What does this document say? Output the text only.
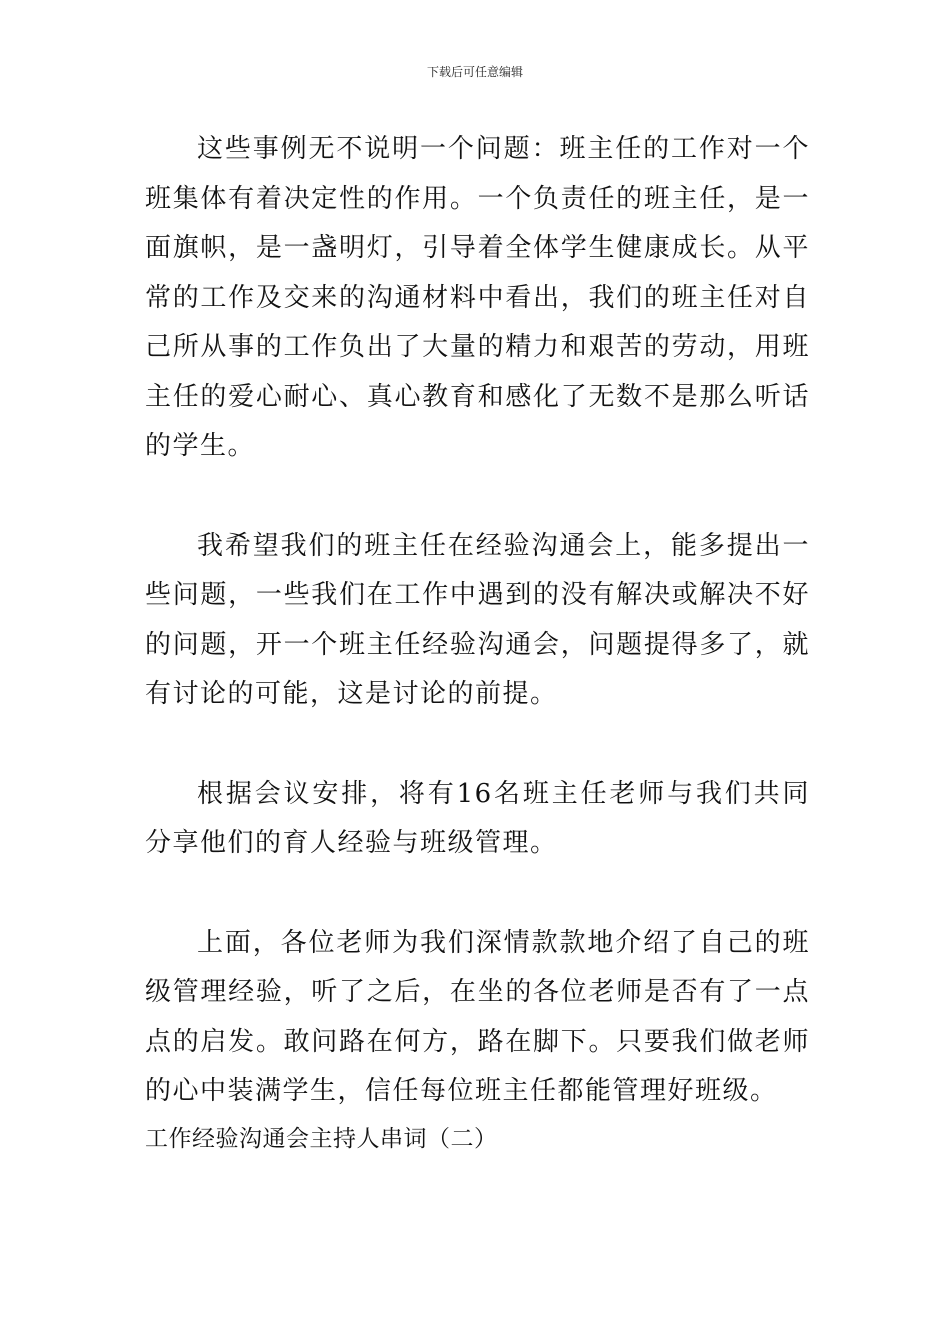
下载后可任意编辑

这些事例无不说明一个问题：班主任的工作对一个班集体有着决定性的作用。一个负责任的班主任，是一面旗帜，是一盏明灯，引导着全体学生健康成长。从平常的工作及交来的沟通材料中看出，我们的班主任对自己所从事的工作负出了大量的精力和艰苦的劳动，用班主任的爱心耐心、真心教育和感化了无数不是那么听话的学生。

我希望我们的班主任在经验沟通会上，能多提出一些问题，一些我们在工作中遇到的没有解决或解决不好的问题，开一个班主任经验沟通会，问题提得多了，就有讨论的可能，这是讨论的前提。

根据会议安排，将有16名班主任老师与我们共同分享他们的育人经验与班级管理。

上面，各位老师为我们深情款款地介绍了自己的班级管理经验，听了之后，在坐的各位老师是否有了一点点的启发。敢问路在何方，路在脚下。只要我们做老师的心中装满学生，信任每位班主任都能管理好班级。

工作经验沟通会主持人串词（二）
